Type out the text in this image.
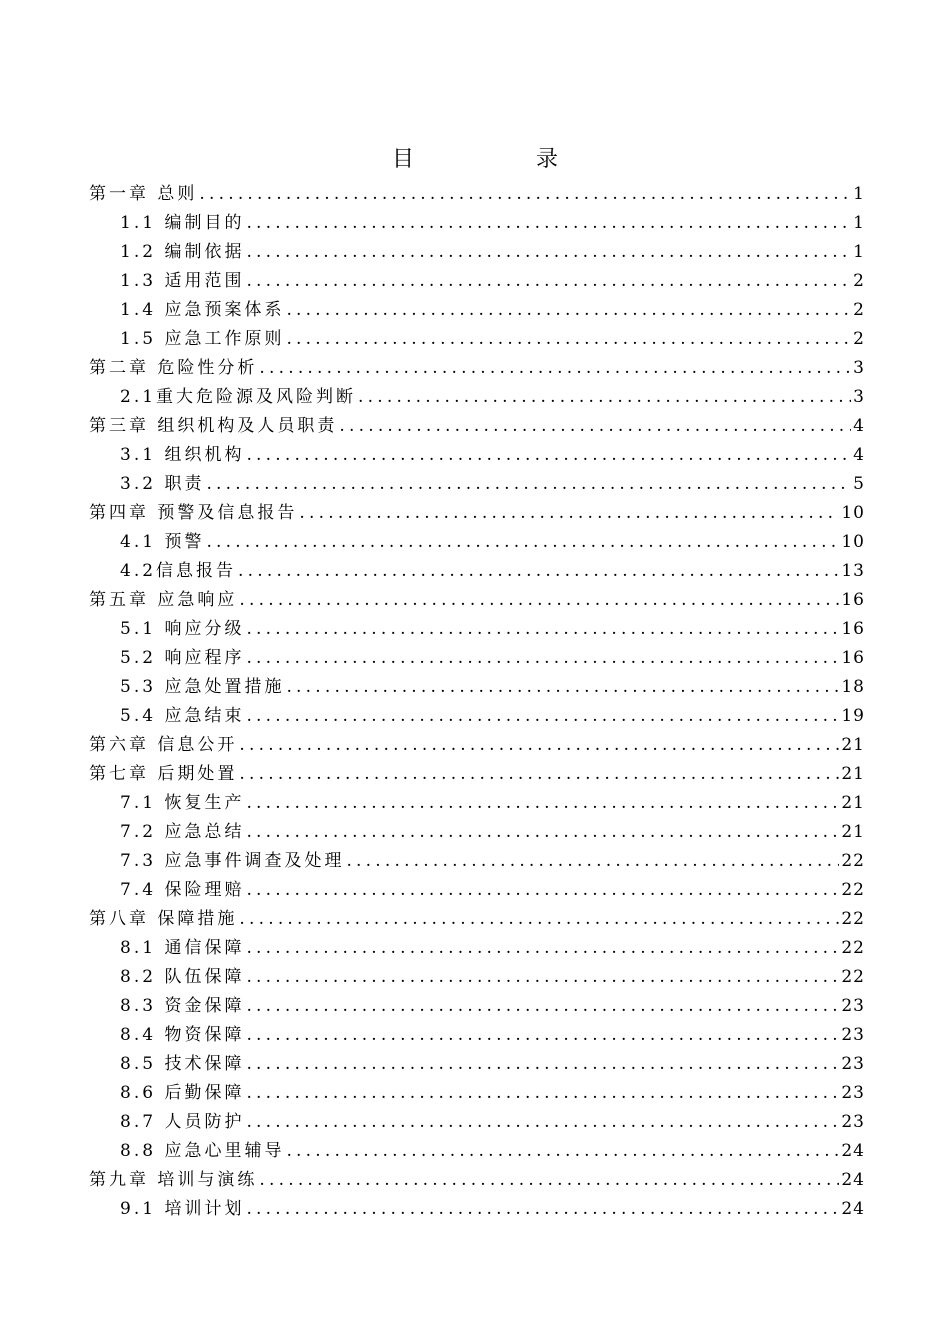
目　录
第一章 总则 .....	1
1.1 编制目的 .....	1
1.2 编制依据 .....	1
1.3 适用范围 .....	2
1.4 应急预案体系 .....	2
1.5 应急工作原则 .....	2
第二章 危险性分析 .....	3
2.1重大危险源及风险判断 .....	3
第三章 组织机构及人员职责 .....	4
3.1 组织机构 .....	4
3.2 职责 .....	5
第四章 预警及信息报告 .....	10
4.1 预警 .....	10
4.2信息报告 .....	13
第五章 应急响应 .....	16
5.1 响应分级 .....	16
5.2 响应程序 .....	16
5.3 应急处置措施 .....	18
5.4 应急结束 .....	19
第六章 信息公开 .....	21
第七章 后期处置 .....	21
7.1 恢复生产 .....	21
7.2 应急总结 .....	21
7.3 应急事件调查及处理 .....	22
7.4 保险理赔 .....	22
第八章 保障措施 .....	22
8.1 通信保障 .....	22
8.2 队伍保障 .....	22
8.3 资金保障 .....	23
8.4 物资保障 .....	23
8.5 技术保障 .....	23
8.6 后勤保障 .....	23
8.7 人员防护 .....	23
8.8 应急心里辅导 .....	24
第九章 培训与演练 .....	24
9.1 培训计划 .....	24
